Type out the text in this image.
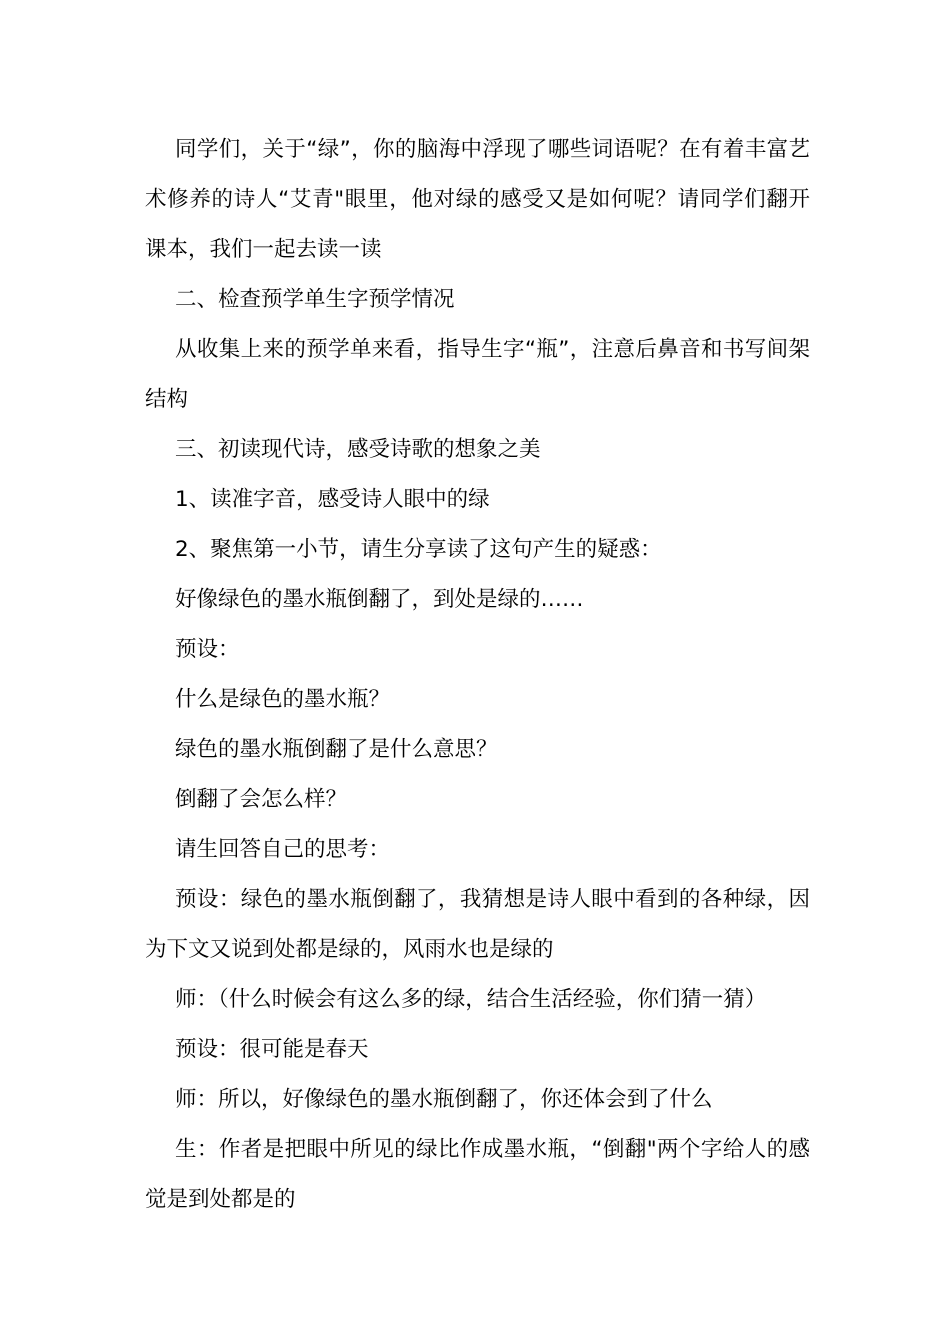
同学们，关于“绿”，你的脑海中浮现了哪些词语呢？在有着丰富艺术修养的诗人“艾青"眼里，他对绿的感受又是如何呢？请同学们翻开课本，我们一起去读一读

二、检查预学单生字预学情况

从收集上来的预学单来看，指导生字“瓶”，注意后鼻音和书写间架结构

三、初读现代诗，感受诗歌的想象之美

1、读准字音，感受诗人眼中的绿

2、聚焦第一小节，请生分享读了这句产生的疑惑：

好像绿色的墨水瓶倒翻了，到处是绿的……

预设：

什么是绿色的墨水瓶？

绿色的墨水瓶倒翻了是什么意思？

倒翻了会怎么样？

请生回答自己的思考：

预设：绿色的墨水瓶倒翻了，我猜想是诗人眼中看到的各种绿，因为下文又说到处都是绿的，风雨水也是绿的

师：（什么时候会有这么多的绿，结合生活经验，你们猜一猜）

预设：很可能是春天

师：所以，好像绿色的墨水瓶倒翻了，你还体会到了什么

生：作者是把眼中所见的绿比作成墨水瓶，“倒翻"两个字给人的感觉是到处都是的
